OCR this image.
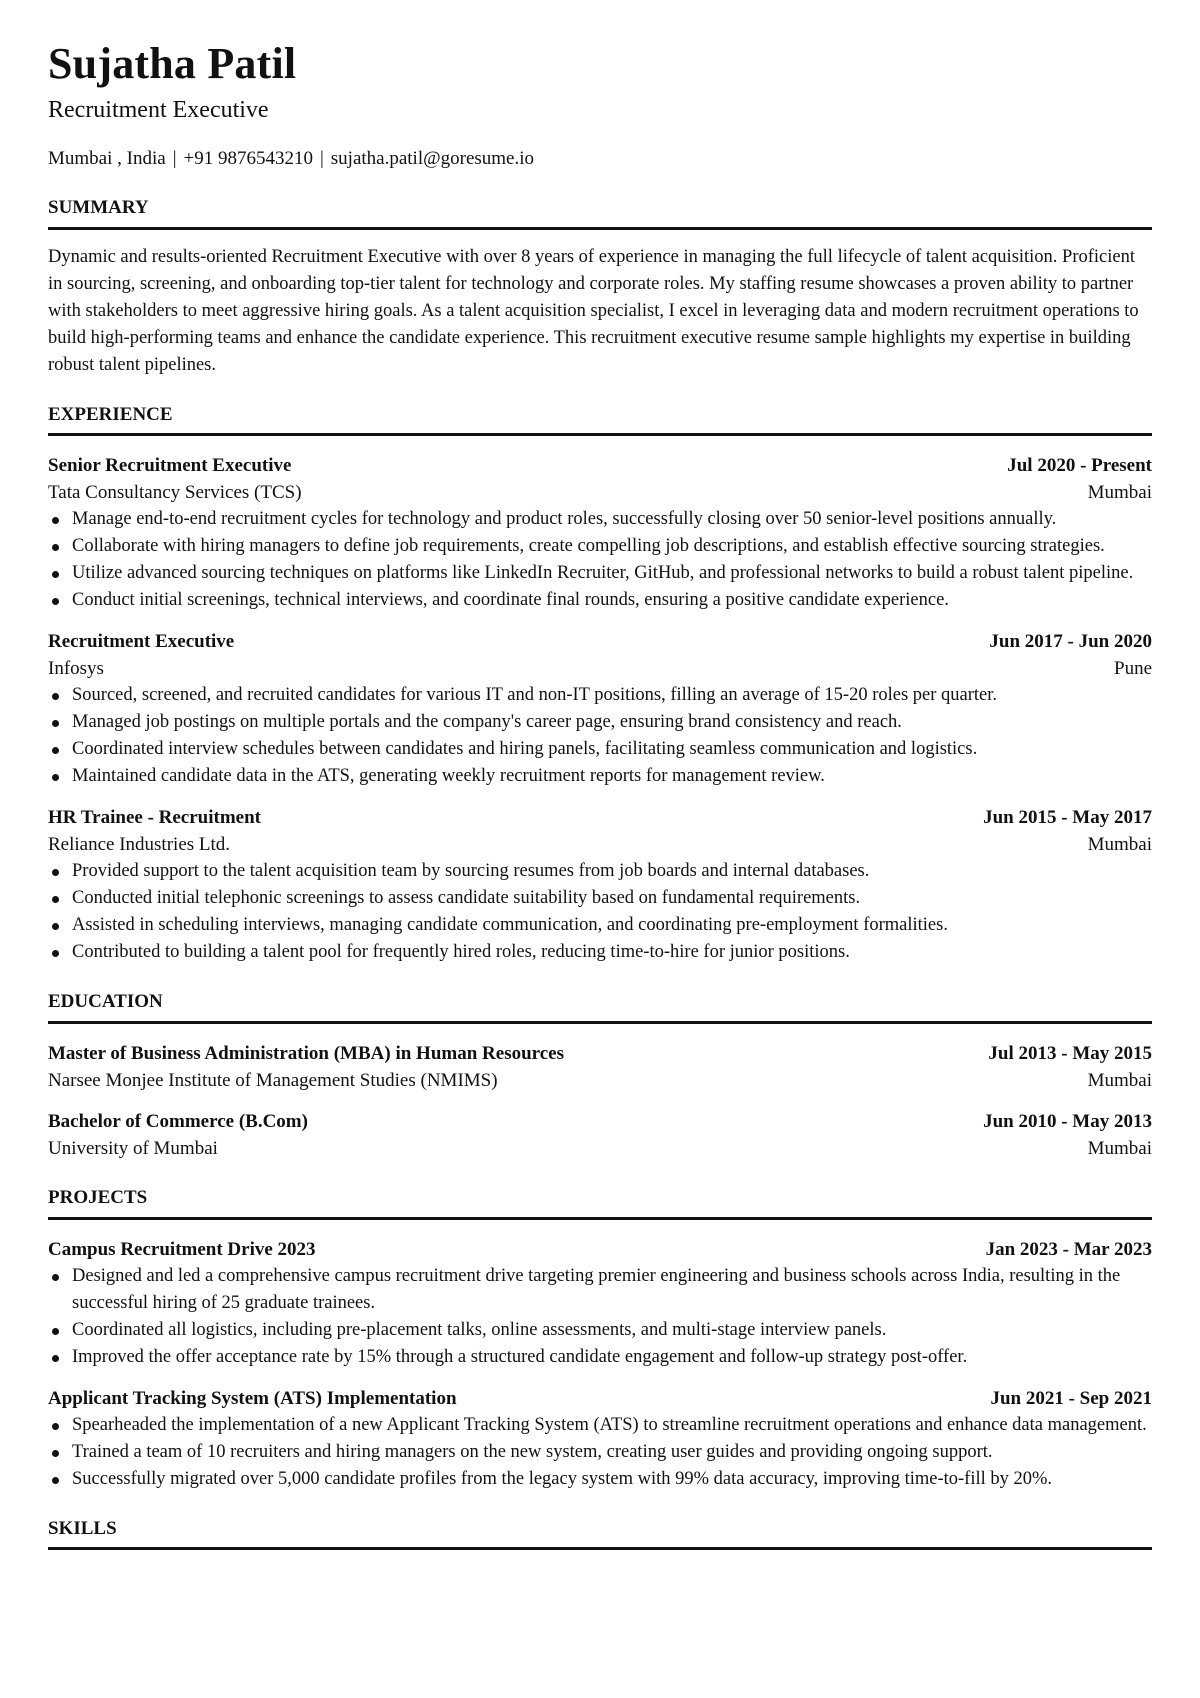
Sujatha Patil
Recruitment Executive
Mumbai , India | +91 9876543210 | sujatha.patil@goresume.io
SUMMARY
Dynamic and results-oriented Recruitment Executive with over 8 years of experience in managing the full lifecycle of talent acquisition. Proficient in sourcing, screening, and onboarding top-tier talent for technology and corporate roles. My staffing resume showcases a proven ability to partner with stakeholders to meet aggressive hiring goals. As a talent acquisition specialist, I excel in leveraging data and modern recruitment operations to build high-performing teams and enhance the candidate experience. This recruitment executive resume sample highlights my expertise in building robust talent pipelines.
EXPERIENCE
Senior Recruitment Executive	Jul 2020 - Present
Tata Consultancy Services (TCS)	Mumbai
Manage end-to-end recruitment cycles for technology and product roles, successfully closing over 50 senior-level positions annually.
Collaborate with hiring managers to define job requirements, create compelling job descriptions, and establish effective sourcing strategies.
Utilize advanced sourcing techniques on platforms like LinkedIn Recruiter, GitHub, and professional networks to build a robust talent pipeline.
Conduct initial screenings, technical interviews, and coordinate final rounds, ensuring a positive candidate experience.
Recruitment Executive	Jun 2017 - Jun 2020
Infosys	Pune
Sourced, screened, and recruited candidates for various IT and non-IT positions, filling an average of 15-20 roles per quarter.
Managed job postings on multiple portals and the company's career page, ensuring brand consistency and reach.
Coordinated interview schedules between candidates and hiring panels, facilitating seamless communication and logistics.
Maintained candidate data in the ATS, generating weekly recruitment reports for management review.
HR Trainee - Recruitment	Jun 2015 - May 2017
Reliance Industries Ltd.	Mumbai
Provided support to the talent acquisition team by sourcing resumes from job boards and internal databases.
Conducted initial telephonic screenings to assess candidate suitability based on fundamental requirements.
Assisted in scheduling interviews, managing candidate communication, and coordinating pre-employment formalities.
Contributed to building a talent pool for frequently hired roles, reducing time-to-hire for junior positions.
EDUCATION
Master of Business Administration (MBA) in Human Resources	Jul 2013 - May 2015
Narsee Monjee Institute of Management Studies (NMIMS)	Mumbai
Bachelor of Commerce (B.Com)	Jun 2010 - May 2013
University of Mumbai	Mumbai
PROJECTS
Campus Recruitment Drive 2023	Jan 2023 - Mar 2023
Designed and led a comprehensive campus recruitment drive targeting premier engineering and business schools across India, resulting in the successful hiring of 25 graduate trainees.
Coordinated all logistics, including pre-placement talks, online assessments, and multi-stage interview panels.
Improved the offer acceptance rate by 15% through a structured candidate engagement and follow-up strategy post-offer.
Applicant Tracking System (ATS) Implementation	Jun 2021 - Sep 2021
Spearheaded the implementation of a new Applicant Tracking System (ATS) to streamline recruitment operations and enhance data management.
Trained a team of 10 recruiters and hiring managers on the new system, creating user guides and providing ongoing support.
Successfully migrated over 5,000 candidate profiles from the legacy system with 99% data accuracy, improving time-to-fill by 20%.
SKILLS
